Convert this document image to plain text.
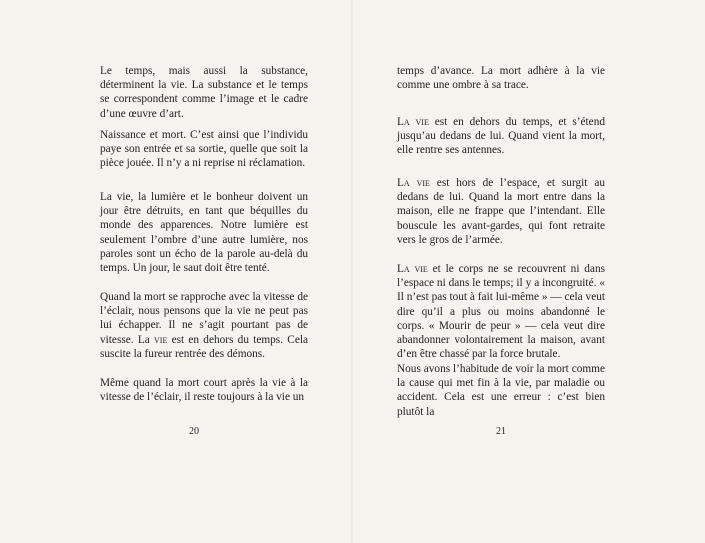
Le temps, mais aussi la substance, déterminent la vie. La substance et le temps se correspondent comme l’image et le cadre d’une œuvre d’art.

Naissance et mort. C’est ainsi que l’individu paye son entrée et sa sortie, quelle que soit la pièce jouée. Il n’y a ni reprise ni réclamation.

La vie, la lumière et le bonheur doivent un jour être détruits, en tant que béquilles du monde des apparences. Notre lumière est seulement l’ombre d’une autre lumière, nos paroles sont un écho de la parole au-delà du temps. Un jour, le saut doit être tenté.

Quand la mort se rapproche avec la vitesse de l’éclair, nous pensons que la vie ne peut pas lui échapper. Il ne s’agit pourtant pas de vitesse. La vie est en dehors du temps. Cela suscite la fureur rentrée des démons.

Même quand la mort court après la vie à la vitesse de l’éclair, il reste toujours à la vie un

20

temps d’avance. La mort adhère à la vie comme une ombre à sa trace.

La vie est en dehors du temps, et s’étend jusqu’au dedans de lui. Quand vient la mort, elle rentre ses antennes.

La vie est hors de l’espace, et surgit au dedans de lui. Quand la mort entre dans la maison, elle ne frappe que l’intendant. Elle bouscule les avant-gardes, qui font retraite vers le gros de l’armée.

La vie et le corps ne se recouvrent ni dans l’espace ni dans le temps; il y a incongruité. « Il n’est pas tout à fait lui-même » — cela veut dire qu’il a plus ou moins abandonné le corps. « Mourir de peur » — cela veut dire abandonner volontairement la maison, avant d’en être chassé par la force brutale.

Nous avons l’habitude de voir la mort comme la cause qui met fin à la vie, par maladie ou accident. Cela est une erreur : c’est bien plutôt la

21
